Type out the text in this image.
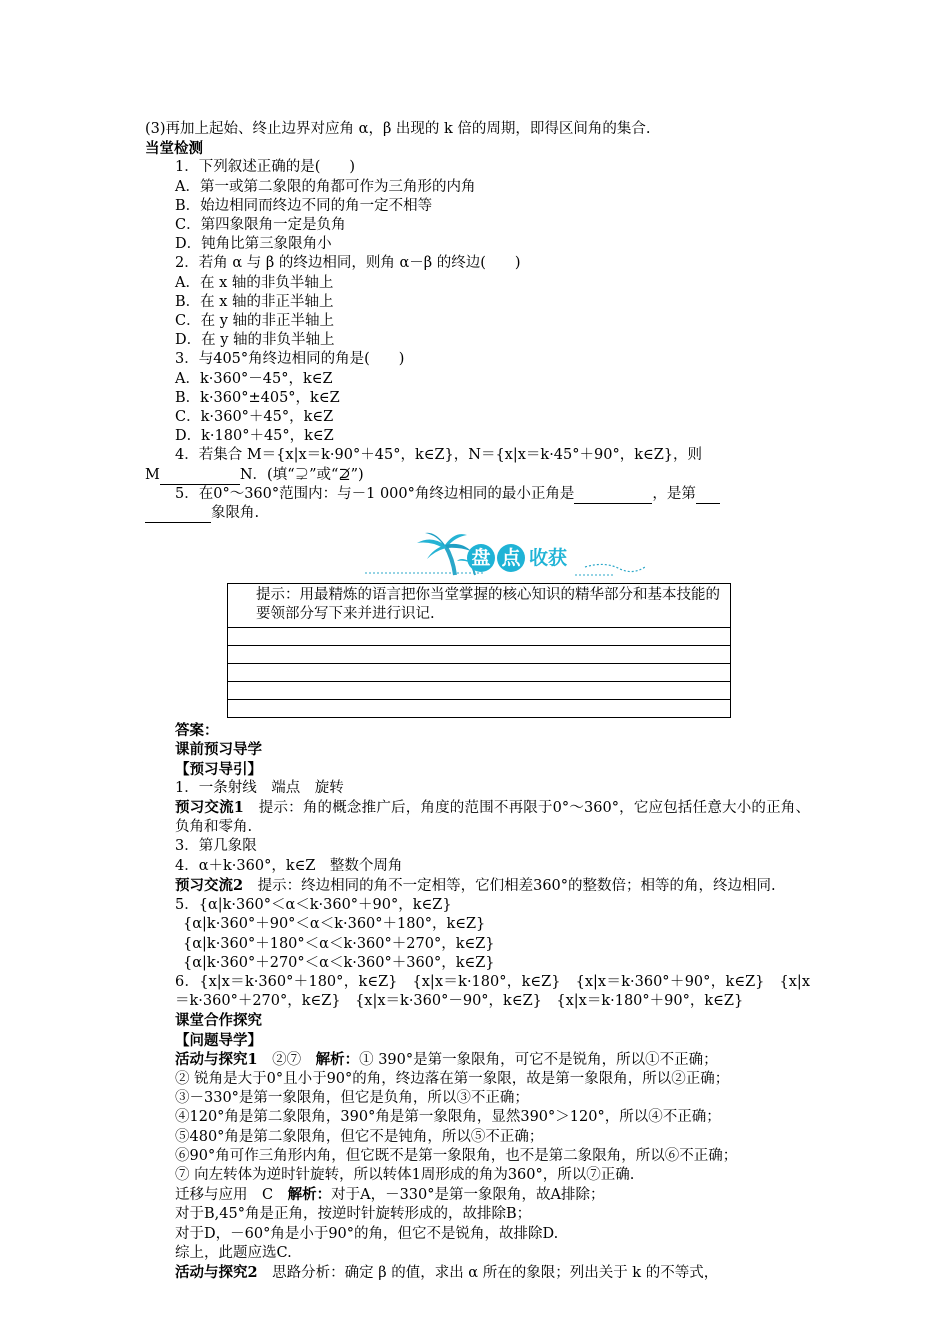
(3)再加上起始、终止边界对应角 α，β 出现的 k 倍的周期，即得区间角的集合.
当堂检测
1．下列叙述正确的是(　　)
A．第一或第二象限的角都可作为三角形的内角
B．始边相同而终边不同的角一定不相等
C．第四象限角一定是负角
D．钝角比第三象限角小
2．若角 α 与 β 的终边相同，则角 α－β 的终边(　　)
A．在 x 轴的非负半轴上
B．在 x 轴的非正半轴上
C．在 y 轴的非正半轴上
D．在 y 轴的非负半轴上
3．与405°角终边相同的角是(　　)
A．k·360°－45°，k∈Z
B．k·360°±405°，k∈Z
C．k·360°＋45°，k∈Z
D．k·180°＋45°，k∈Z
4．若集合 M＝{x|x＝k·90°＋45°，k∈Z}，N＝{x|x＝k·45°＋90°，k∈Z}，则
M	N．(填“⊋”或“⊉”)
5．在0°～360°范围内：与－1 000°角终边相同的最小正角是	，是第
象限角.
盘 点 收 获
提示：用最精炼的语言把你当堂掌握的核心知识的精华部分和基本技能的要领部分写下来并进行识记.
答案：
课前预习导学
【预习导引】
1．一条射线　端点　旋转
预习交流1　提示：角的概念推广后，角度的范围不再限于0°～360°，它应包括任意大小的正角、负角和零角.
3．第几象限
4．α＋k·360°，k∈Z　整数个周角
预习交流2　提示：终边相同的角不一定相等，它们相差360°的整数倍；相等的角，终边相同.
5．{α|k·360°＜α＜k·360°＋90°，k∈Z}
{α|k·360°＋90°＜α＜k·360°＋180°，k∈Z}
{α|k·360°＋180°＜α＜k·360°＋270°，k∈Z}
{α|k·360°＋270°＜α＜k·360°＋360°，k∈Z}
6．{x|x＝k·360°＋180°，k∈Z}　{x|x＝k·180°，k∈Z}　{x|x＝k·360°＋90°，k∈Z}　{x|x＝k·360°＋270°，k∈Z}　{x|x＝k·360°－90°，k∈Z}　{x|x＝k·180°＋90°，k∈Z}
课堂合作探究
【问题导学】
活动与探究1　②⑦　解析：① 390°是第一象限角，可它不是锐角，所以①不正确；
② 锐角是大于0°且小于90°的角，终边落在第一象限，故是第一象限角，所以②正确；
③－330°是第一象限角，但它是负角，所以③不正确；
④120°角是第二象限角，390°角是第一象限角，显然390°＞120°，所以④不正确；
⑤480°角是第二象限角，但它不是钝角，所以⑤不正确；
⑥90°角可作三角形内角，但它既不是第一象限角，也不是第二象限角，所以⑥不正确；
⑦ 向左转体为逆时针旋转，所以转体1周形成的角为360°，所以⑦正确.
迁移与应用　C　解析：对于A，－330°是第一象限角，故A排除；
对于B,45°角是正角，按逆时针旋转形成的，故排除B；
对于D，－60°角是小于90°的角，但它不是锐角，故排除D.
综上，此题应选C.
活动与探究2　思路分析：确定 β 的值，求出 α 所在的象限；列出关于 k 的不等式，
